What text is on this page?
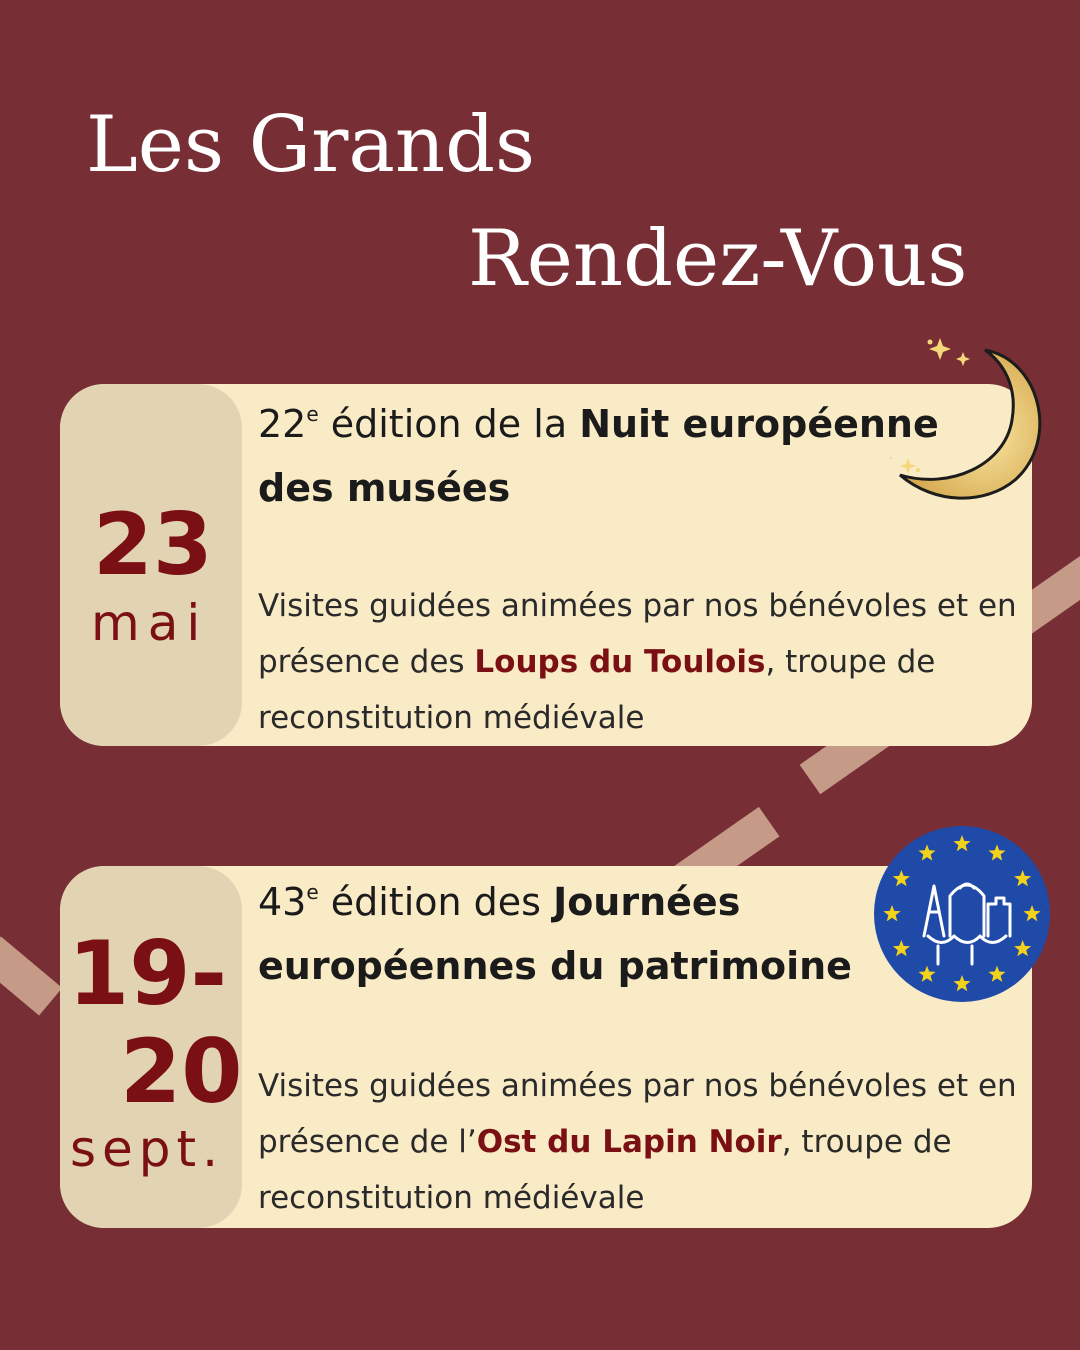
Les Grands
Rendez-Vous
23
mai
22e édition de la Nuit européenne des musées

Visites guidées animées par nos bénévoles et en présence des Loups du Toulois, troupe de reconstitution médiévale

19-
20
sept.
43e édition des Journées européennes du patrimoine

Visites guidées animées par nos bénévoles et en présence de l’Ost du Lapin Noir, troupe de reconstitution médiévale
